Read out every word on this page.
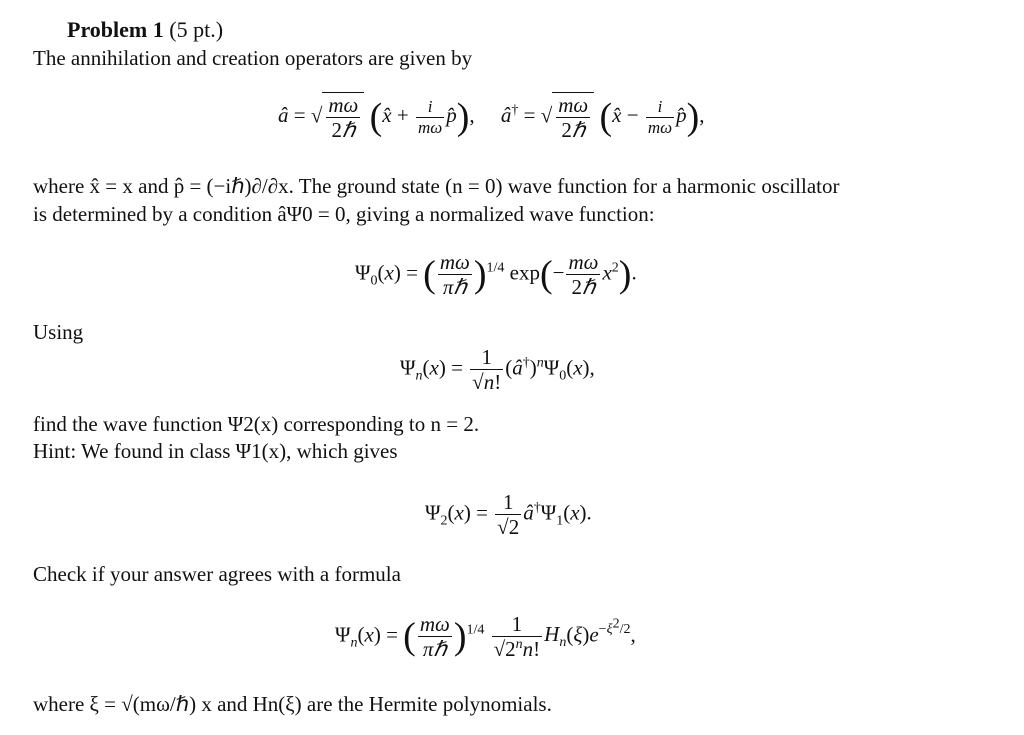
Problem 1 (5 pt.)
The annihilation and creation operators are given by
â = √ $\frac{m\omega}{\text{2ℏ}}$ (x̂ + $\frac{i}{m\omega}$ p̂),     â† = √ $\frac{m\omega}{\text{2ℏ}}$ (x̂ − $\frac{i}{m\omega}$ p̂),
where x̂ = x and p̂ = (−iℏ)∂/∂x. The ground state (n = 0) wave function for a harmonic oscillator
is determined by a condition âΨ0 = 0, giving a normalized wave function:
$\Psi_0(x)$ = ( $\frac{m\omega}{\text{πℏ}} )^{1/4}$ $\exp(- \frac{m\omega}{\text{2ℏ}} x^2)$.
Using
$\Psi_n(x) = \frac{1}{√n!}$ $(â^\dagger)^n\Psi_0(x)$,
find the wave function Ψ2(x) corresponding to n = 2.
Hint: We found in class Ψ1(x), which gives
$\Psi_2(x) = \frac{1}{√2}$ $â^\dagger\Psi_1(x)$.
Check if your answer agrees with a formula
$\Psi_n(x)$ = ( $\frac{m\omega}{\text{πℏ}} )^{1/4} \frac{1}{√2^nn!} H_n(\xi)e^{-\xi^2/2}$,
where ξ = √(mω/ℏ) x and Hn(ξ) are the Hermite polynomials.
